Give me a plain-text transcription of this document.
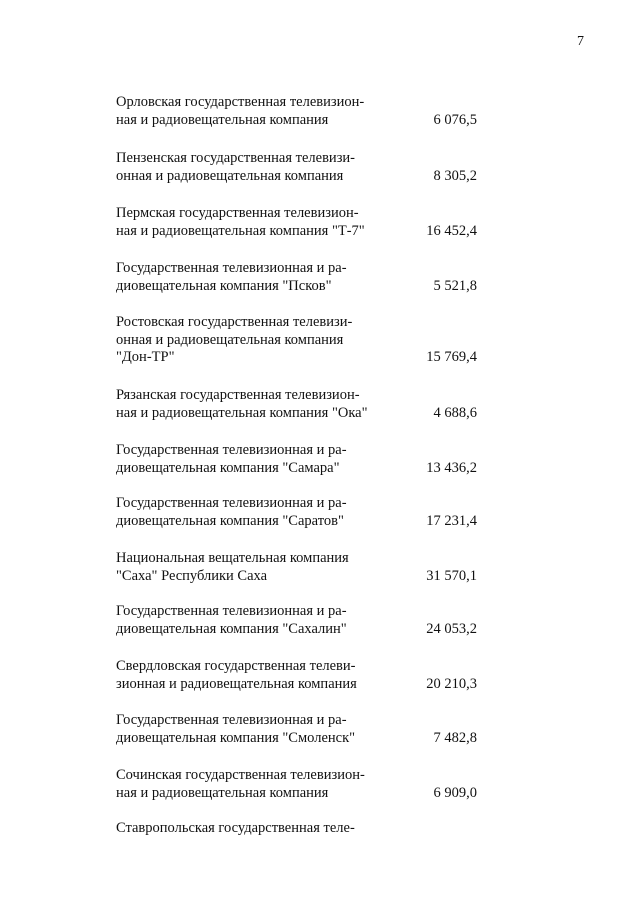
7
Орловская государственная телевизион-
ная и радиовещательная компания	6 076,5
Пензенская государственная телевизи-
онная и радиовещательная компания	8 305,2
Пермская государственная телевизион-
ная и радиовещательная компания "Т-7"	16 452,4
Государственная телевизионная и ра-
диовещательная компания "Псков"	5 521,8
Ростовская государственная телевизи-
онная и радиовещательная компания
"Дон-ТР"	15 769,4
Рязанская государственная телевизион-
ная и радиовещательная компания "Ока"	4 688,6
Государственная телевизионная и ра-
диовещательная компания "Самара"	13 436,2
Государственная телевизионная и ра-
диовещательная компания "Саратов"	17 231,4
Национальная вещательная компания
"Саха" Республики Саха	31 570,1
Государственная телевизионная и ра-
диовещательная компания "Сахалин"	24 053,2
Свердловская государственная телеви-
зионная и радиовещательная компания	20 210,3
Государственная телевизионная и ра-
диовещательная компания "Смоленск"	7 482,8
Сочинская государственная телевизион-
ная и радиовещательная компания	6 909,0
Ставропольская государственная теле-
